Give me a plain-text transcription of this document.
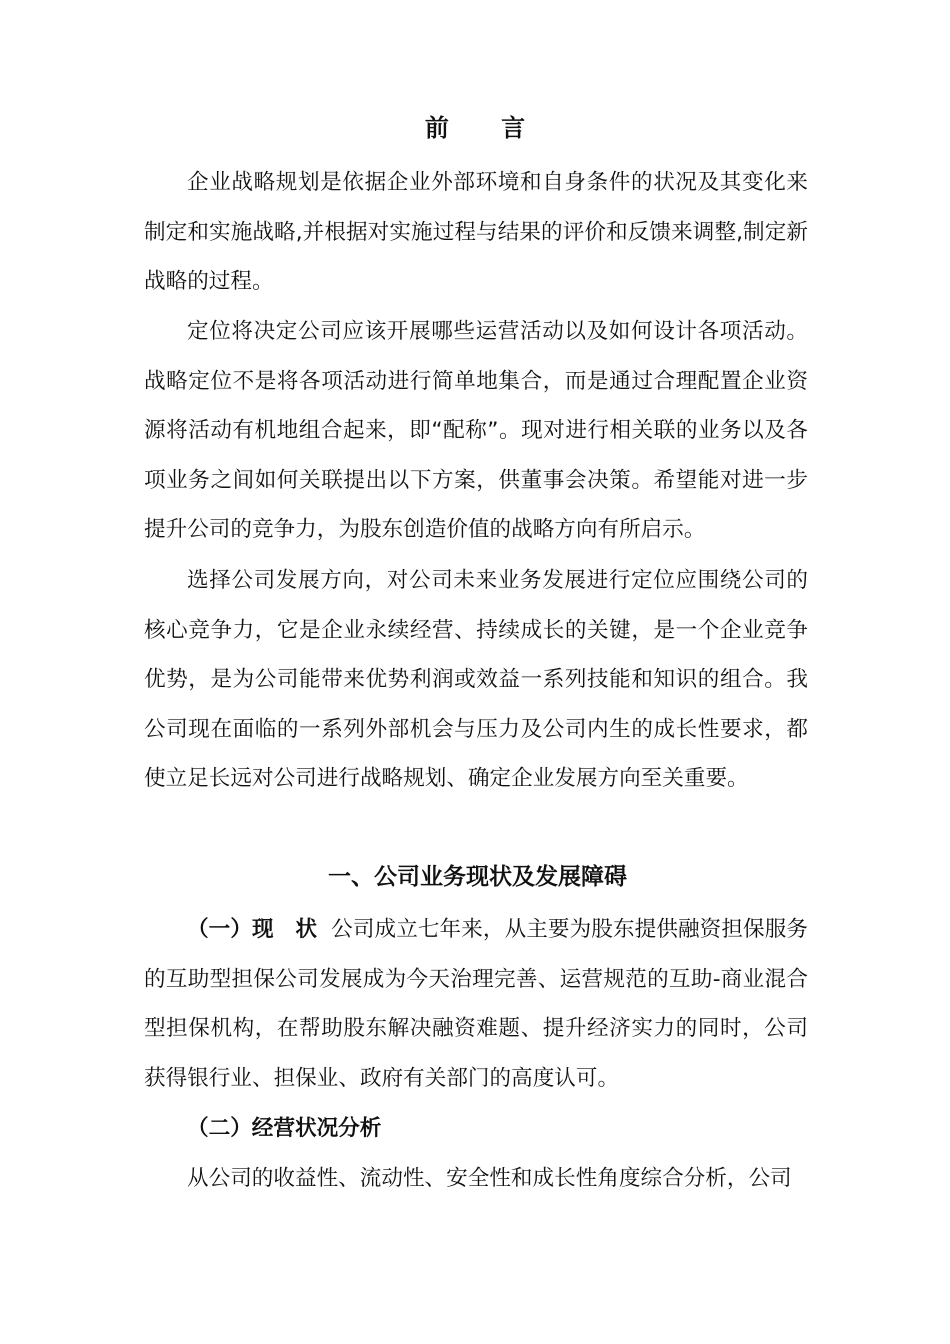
前 言

企业战略规划是依据企业外部环境和自身条件的状况及其变化来制定和实施战略,并根据对实施过程与结果的评价和反馈来调整,制定新战略的过程。

定位将决定公司应该开展哪些运营活动以及如何设计各项活动。战略定位不是将各项活动进行简单地集合，而是通过合理配置企业资源将活动有机地组合起来，即“配称”。现对进行相关联的业务以及各项业务之间如何关联提出以下方案，供董事会决策。希望能对进一步提升公司的竞争力，为股东创造价值的战略方向有所启示。

选择公司发展方向，对公司未来业务发展进行定位应围绕公司的核心竞争力，它是企业永续经营、持续成长的关键，是一个企业竞争优势，是为公司能带来优势利润或效益一系列技能和知识的组合。我公司现在面临的一系列外部机会与压力及公司内生的成长性要求，都使立足长远对公司进行战略规划、确定企业发展方向至关重要。

一、公司业务现状及发展障碍

（一）现　状 公司成立七年来，从主要为股东提供融资担保服务的互助型担保公司发展成为今天治理完善、运营规范的互助-商业混合型担保机构，在帮助股东解决融资难题、提升经济实力的同时，公司获得银行业、担保业、政府有关部门的高度认可。

（二）经营状况分析

从公司的收益性、流动性、安全性和成长性角度综合分析，公司
